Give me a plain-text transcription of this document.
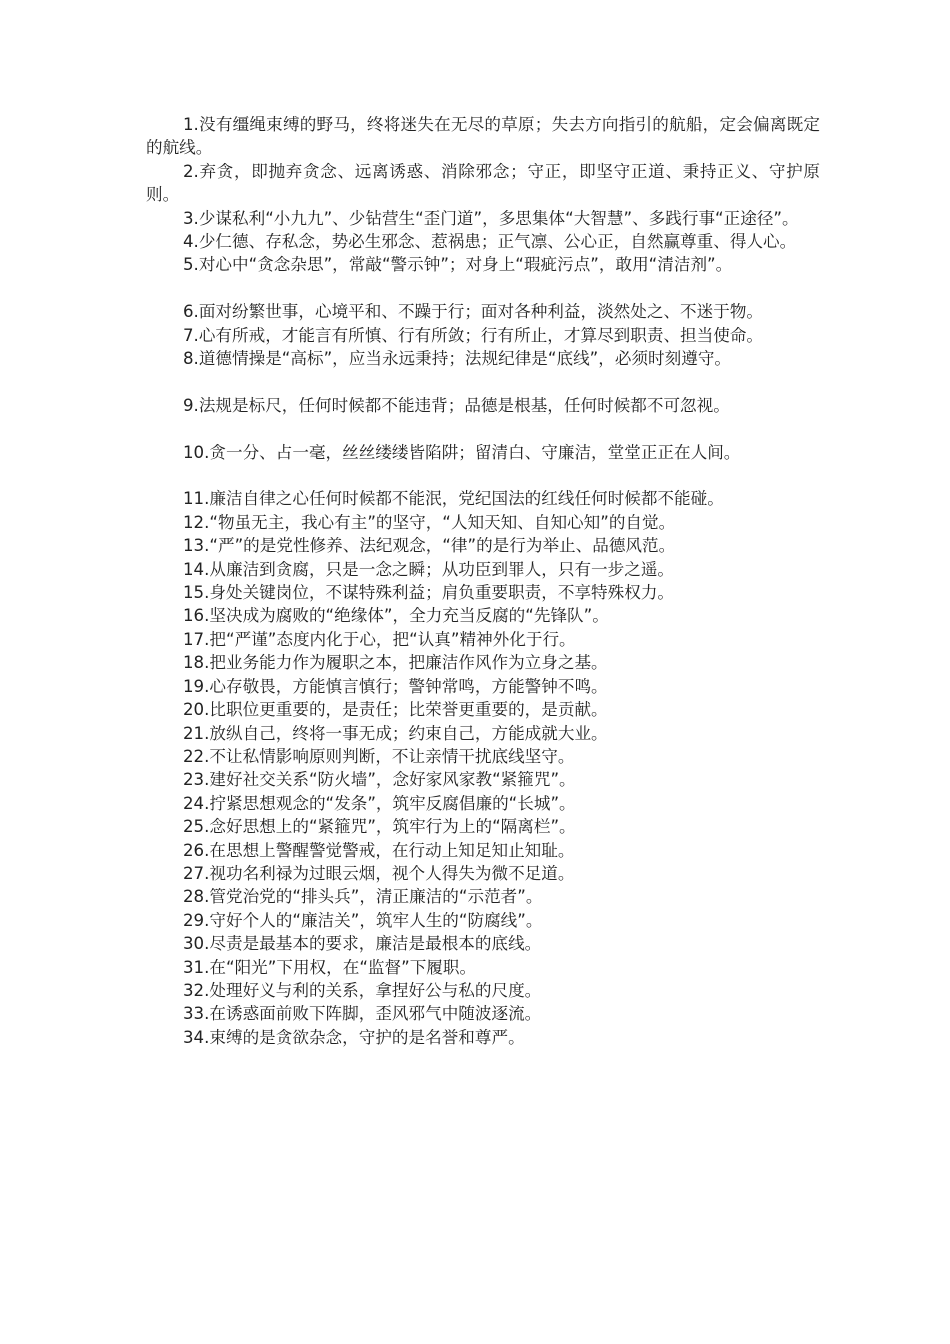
1.没有缰绳束缚的野马，终将迷失在无尽的草原；失去方向指引的航船，定会偏离既定的航线。

2.弃贪，即抛弃贪念、远离诱惑、消除邪念；守正，即坚守正道、秉持正义、守护原则。

3.少谋私利“小九九”、少钻营生“歪门道”，多思集体“大智慧”、多践行事“正途径”。

4.少仁德、存私念，势必生邪念、惹祸患；正气凛、公心正，自然赢尊重、得人心。

5.对心中“贪念杂思”，常敲“警示钟”；对身上“瑕疵污点”，敢用“清洁剂”。

6.面对纷繁世事，心境平和、不躁于行；面对各种利益，淡然处之、不迷于物。

7.心有所戒，才能言有所慎、行有所敛；行有所止，才算尽到职责、担当使命。

8.道德情操是“高标”，应当永远秉持；法规纪律是“底线”，必须时刻遵守。

9.法规是标尺，任何时候都不能违背；品德是根基，任何时候都不可忽视。

10.贪一分、占一毫，丝丝缕缕皆陷阱；留清白、守廉洁，堂堂正正在人间。

11.廉洁自律之心任何时候都不能泯，党纪国法的红线任何时候都不能碰。

12.“物虽无主，我心有主”的坚守，“人知天知、自知心知”的自觉。

13.“严”的是党性修养、法纪观念，“律”的是行为举止、品德风范。

14.从廉洁到贪腐，只是一念之瞬；从功臣到罪人，只有一步之遥。

15.身处关键岗位，不谋特殊利益；肩负重要职责，不享特殊权力。

16.坚决成为腐败的“绝缘体”，全力充当反腐的“先锋队”。

17.把“严谨”态度内化于心，把“认真”精神外化于行。

18.把业务能力作为履职之本，把廉洁作风作为立身之基。

19.心存敬畏，方能慎言慎行；警钟常鸣，方能警钟不鸣。

20.比职位更重要的，是责任；比荣誉更重要的，是贡献。

21.放纵自己，终将一事无成；约束自己，方能成就大业。

22.不让私情影响原则判断，不让亲情干扰底线坚守。

23.建好社交关系“防火墙”，念好家风家教“紧箍咒”。

24.拧紧思想观念的“发条”，筑牢反腐倡廉的“长城”。

25.念好思想上的“紧箍咒”，筑牢行为上的“隔离栏”。

26.在思想上警醒警觉警戒，在行动上知足知止知耻。

27.视功名利禄为过眼云烟，视个人得失为微不足道。

28.管党治党的“排头兵”，清正廉洁的“示范者”。

29.守好个人的“廉洁关”，筑牢人生的“防腐线”。

30.尽责是最基本的要求，廉洁是最根本的底线。

31.在“阳光”下用权，在“监督”下履职。

32.处理好义与利的关系，拿捏好公与私的尺度。

33.在诱惑面前败下阵脚，歪风邪气中随波逐流。

34.束缚的是贪欲杂念，守护的是名誉和尊严。
